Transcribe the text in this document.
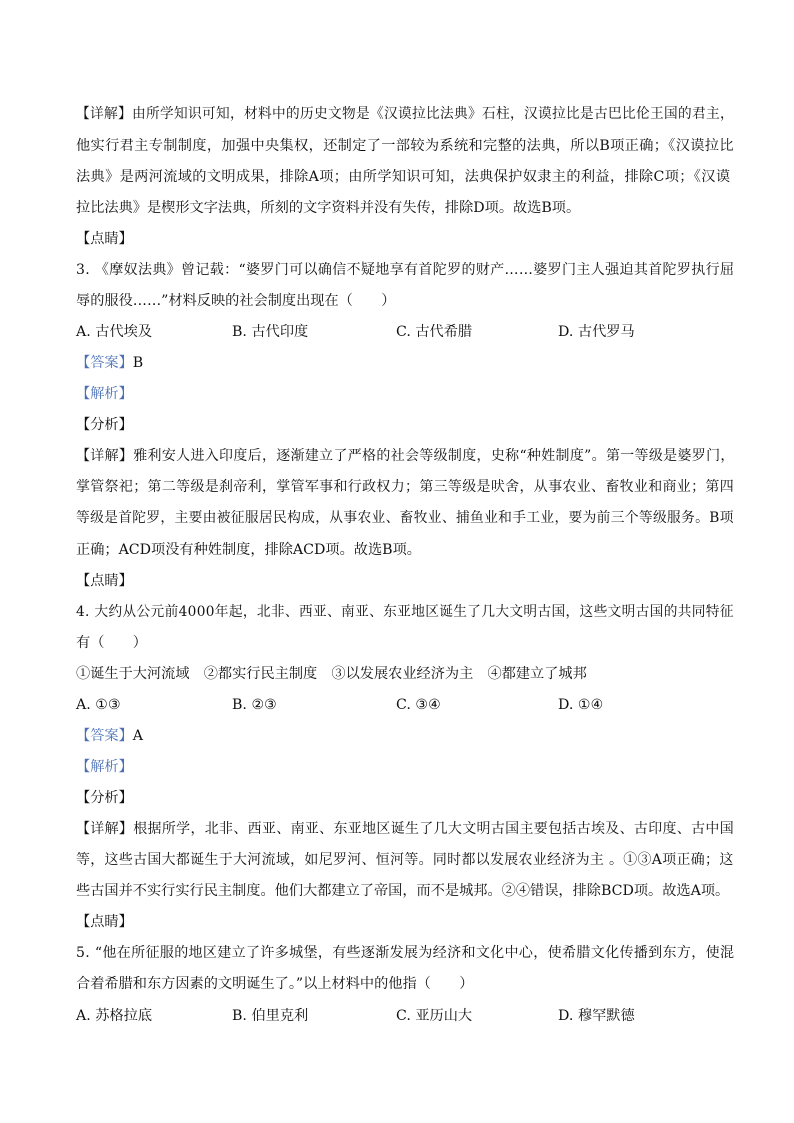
【详解】由所学知识可知，材料中的历史文物是《汉谟拉比法典》石柱，汉谟拉比是古巴比伦王国的君主，
他实行君主专制制度，加强中央集权，还制定了一部较为系统和完整的法典，所以B项正确；《汉谟拉比
法典》是两河流域的文明成果，排除A项；由所学知识可知，法典保护奴隶主的利益，排除C项；《汉谟
拉比法典》是楔形文字法典，所刻的文字资料并没有失传，排除D项。故选B项。
【点睛】
3. 《摩奴法典》曾记载：“婆罗门可以确信不疑地享有首陀罗的财产……婆罗门主人强迫其首陀罗执行屈
辱的服役……”材料反映的社会制度出现在（　　）
A. 古代埃及	B. 古代印度	C. 古代希腊	D. 古代罗马
【答案】B
【解析】
【分析】
【详解】雅利安人进入印度后，逐渐建立了严格的社会等级制度，史称“种姓制度”。第一等级是婆罗门，
掌管祭祀；第二等级是刹帝利，掌管军事和行政权力；第三等级是吠舍，从事农业、畜牧业和商业；第四
等级是首陀罗，主要由被征服居民构成，从事农业、畜牧业、捕鱼业和手工业，要为前三个等级服务。B项
正确；ACD项没有种姓制度，排除ACD项。故选B项。
【点睛】
4. 大约从公元前4000年起，北非、西亚、南亚、东亚地区诞生了几大文明古国，这些文明古国的共同特征
有（　　）
①诞生于大河流域　②都实行民主制度　③以发展农业经济为主　④都建立了城邦
A. ①③	B. ②③	C. ③④	D. ①④
【答案】A
【解析】
【分析】
【详解】根据所学，北非、西亚、南亚、东亚地区诞生了几大文明古国主要包括古埃及、古印度、古中国
等，这些古国大都诞生于大河流域，如尼罗河、恒河等。同时都以发展农业经济为主 。①③A项正确；这
些古国并不实行实行民主制度。他们大都建立了帝国，而不是城邦。②④错误，排除BCD项。故选A项。
【点睛】
5. “他在所征服的地区建立了许多城堡，有些逐渐发展为经济和文化中心，使希腊文化传播到东方，使混
合着希腊和东方因素的文明诞生了。”以上材料中的他指（　　）
A. 苏格拉底	B. 伯里克利	C. 亚历山大	D. 穆罕默德
